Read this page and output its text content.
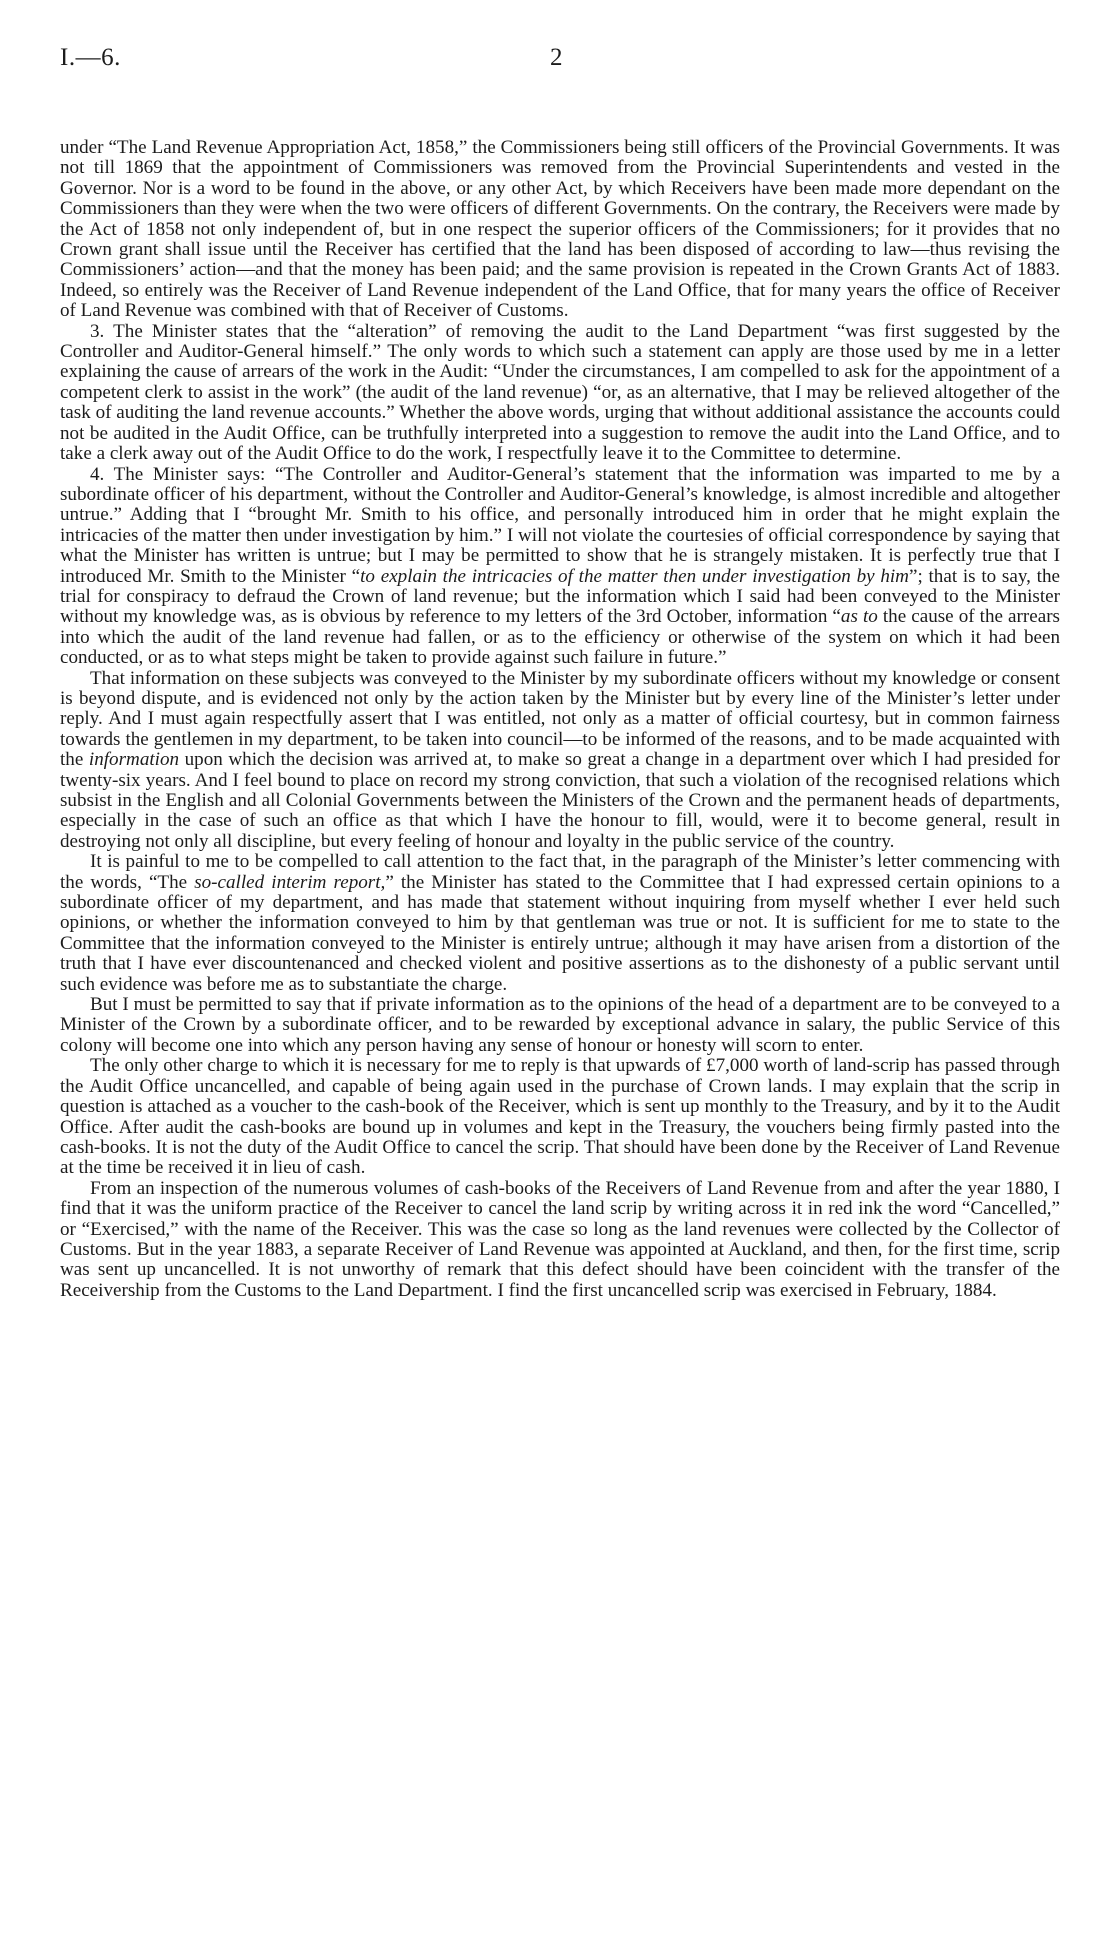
I.—6.	2

under “The Land Revenue Appropriation Act, 1858,” the Commissioners being still officers of the Provincial Governments. It was not till 1869 that the appointment of Commissioners was removed from the Provincial Superintendents and vested in the Governor. Nor is a word to be found in the above, or any other Act, by which Receivers have been made more dependant on the Commissioners than they were when the two were officers of different Governments. On the contrary, the Receivers were made by the Act of 1858 not only independent of, but in one respect the superior officers of the Commissioners; for it provides that no Crown grant shall issue until the Receiver has certified that the land has been disposed of according to law—thus revising the Commissioners’ action—and that the money has been paid; and the same provision is repeated in the Crown Grants Act of 1883. Indeed, so entirely was the Receiver of Land Revenue independent of the Land Office, that for many years the office of Receiver of Land Revenue was combined with that of Receiver of Customs.

3. The Minister states that the “alteration” of removing the audit to the Land Department “was first suggested by the Controller and Auditor-General himself.” The only words to which such a statement can apply are those used by me in a letter explaining the cause of arrears of the work in the Audit: “Under the circumstances, I am compelled to ask for the appointment of a competent clerk to assist in the work” (the audit of the land revenue) “or, as an alternative, that I may be relieved altogether of the task of auditing the land revenue accounts.” Whether the above words, urging that without additional assistance the accounts could not be audited in the Audit Office, can be truthfully interpreted into a suggestion to remove the audit into the Land Office, and to take a clerk away out of the Audit Office to do the work, I respectfully leave it to the Committee to determine.

4. The Minister says: “The Controller and Auditor-General’s statement that the information was imparted to me by a subordinate officer of his department, without the Controller and Auditor-General’s knowledge, is almost incredible and altogether untrue.” Adding that I “brought Mr. Smith to his office, and personally introduced him in order that he might explain the intricacies of the matter then under investigation by him.” I will not violate the courtesies of official correspondence by saying that what the Minister has written is untrue; but I may be permitted to show that he is strangely mistaken. It is perfectly true that I introduced Mr. Smith to the Minister “to explain the intricacies of the matter then under investigation by him”; that is to say, the trial for conspiracy to defraud the Crown of land revenue; but the information which I said had been conveyed to the Minister without my knowledge was, as is obvious by reference to my letters of the 3rd October, information “as to the cause of the arrears into which the audit of the land revenue had fallen, or as to the efficiency or otherwise of the system on which it had been conducted, or as to what steps might be taken to provide against such failure in future.”

That information on these subjects was conveyed to the Minister by my subordinate officers without my knowledge or consent is beyond dispute, and is evidenced not only by the action taken by the Minister but by every line of the Minister’s letter under reply. And I must again respectfully assert that I was entitled, not only as a matter of official courtesy, but in common fairness towards the gentlemen in my department, to be taken into council—to be informed of the reasons, and to be made acquainted with the information upon which the decision was arrived at, to make so great a change in a department over which I had presided for twenty-six years. And I feel bound to place on record my strong conviction, that such a violation of the recognised relations which subsist in the English and all Colonial Governments between the Ministers of the Crown and the permanent heads of departments, especially in the case of such an office as that which I have the honour to fill, would, were it to become general, result in destroying not only all discipline, but every feeling of honour and loyalty in the public service of the country.

It is painful to me to be compelled to call attention to the fact that, in the paragraph of the Minister’s letter commencing with the words, “The so-called interim report,” the Minister has stated to the Committee that I had expressed certain opinions to a subordinate officer of my department, and has made that statement without inquiring from myself whether I ever held such opinions, or whether the information conveyed to him by that gentleman was true or not. It is sufficient for me to state to the Committee that the information conveyed to the Minister is entirely untrue; although it may have arisen from a distortion of the truth that I have ever discountenanced and checked violent and positive assertions as to the dishonesty of a public servant until such evidence was before me as to substantiate the charge.

But I must be permitted to say that if private information as to the opinions of the head of a department are to be conveyed to a Minister of the Crown by a subordinate officer, and to be rewarded by exceptional advance in salary, the public Service of this colony will become one into which any person having any sense of honour or honesty will scorn to enter.

The only other charge to which it is necessary for me to reply is that upwards of £7,000 worth of land-scrip has passed through the Audit Office uncancelled, and capable of being again used in the purchase of Crown lands. I may explain that the scrip in question is attached as a voucher to the cash-book of the Receiver, which is sent up monthly to the Treasury, and by it to the Audit Office. After audit the cash-books are bound up in volumes and kept in the Treasury, the vouchers being firmly pasted into the cash-books. It is not the duty of the Audit Office to cancel the scrip. That should have been done by the Receiver of Land Revenue at the time be received it in lieu of cash.

From an inspection of the numerous volumes of cash-books of the Receivers of Land Revenue from and after the year 1880, I find that it was the uniform practice of the Receiver to cancel the land scrip by writing across it in red ink the word “Cancelled,” or “Exercised,” with the name of the Receiver. This was the case so long as the land revenues were collected by the Collector of Customs. But in the year 1883, a separate Receiver of Land Revenue was appointed at Auckland, and then, for the first time, scrip was sent up uncancelled. It is not unworthy of remark that this defect should have been coincident with the transfer of the Receivership from the Customs to the Land Department. I find the first uncancelled scrip was exercised in February, 1884.
